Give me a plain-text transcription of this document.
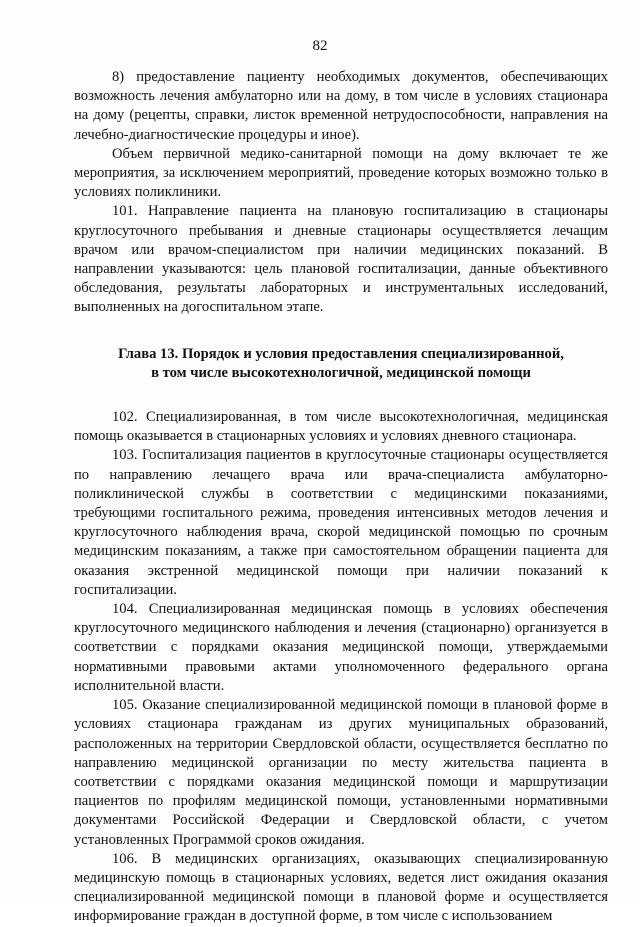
82

8) предоставление пациенту необходимых документов, обеспечивающих возможность лечения амбулаторно или на дому, в том числе в условиях стационара на дому (рецепты, справки, листок временной нетрудоспособности, направления на лечебно-диагностические процедуры и иное).

Объем первичной медико-санитарной помощи на дому включает те же мероприятия, за исключением мероприятий, проведение которых возможно только в условиях поликлиники.

101. Направление пациента на плановую госпитализацию в стационары круглосуточного пребывания и дневные стационары осуществляется лечащим врачом или врачом-специалистом при наличии медицинских показаний. В направлении указываются: цель плановой госпитализации, данные объективного обследования, результаты лабораторных и инструментальных исследований, выполненных на догоспитальном этапе.

Глава 13. Порядок и условия предоставления специализированной,
в том числе высокотехнологичной, медицинской помощи

102. Специализированная, в том числе высокотехнологичная, медицинская помощь оказывается в стационарных условиях и условиях дневного стационара.

103. Госпитализация пациентов в круглосуточные стационары осуществляется по направлению лечащего врача или врача-специалиста амбулаторно-поликлинической службы в соответствии с медицинскими показаниями, требующими госпитального режима, проведения интенсивных методов лечения и круглосуточного наблюдения врача, скорой медицинской помощью по срочным медицинским показаниям, а также при самостоятельном обращении пациента для оказания экстренной медицинской помощи при наличии показаний к госпитализации.

104. Специализированная медицинская помощь в условиях обеспечения круглосуточного медицинского наблюдения и лечения (стационарно) организуется в соответствии с порядками оказания медицинской помощи, утверждаемыми нормативными правовыми актами уполномоченного федерального органа исполнительной власти.

105. Оказание специализированной медицинской помощи в плановой форме в условиях стационара гражданам из других муниципальных образований, расположенных на территории Свердловской области, осуществляется бесплатно по направлению медицинской организации по месту жительства пациента в соответствии с порядками оказания медицинской помощи и маршрутизации пациентов по профилям медицинской помощи, установленными нормативными документами Российской Федерации и Свердловской области, с учетом установленных Программой сроков ожидания.

106. В медицинских организациях, оказывающих специализированную медицинскую помощь в стационарных условиях, ведется лист ожидания оказания специализированной медицинской помощи в плановой форме и осуществляется информирование граждан в доступной форме, в том числе с использованием
